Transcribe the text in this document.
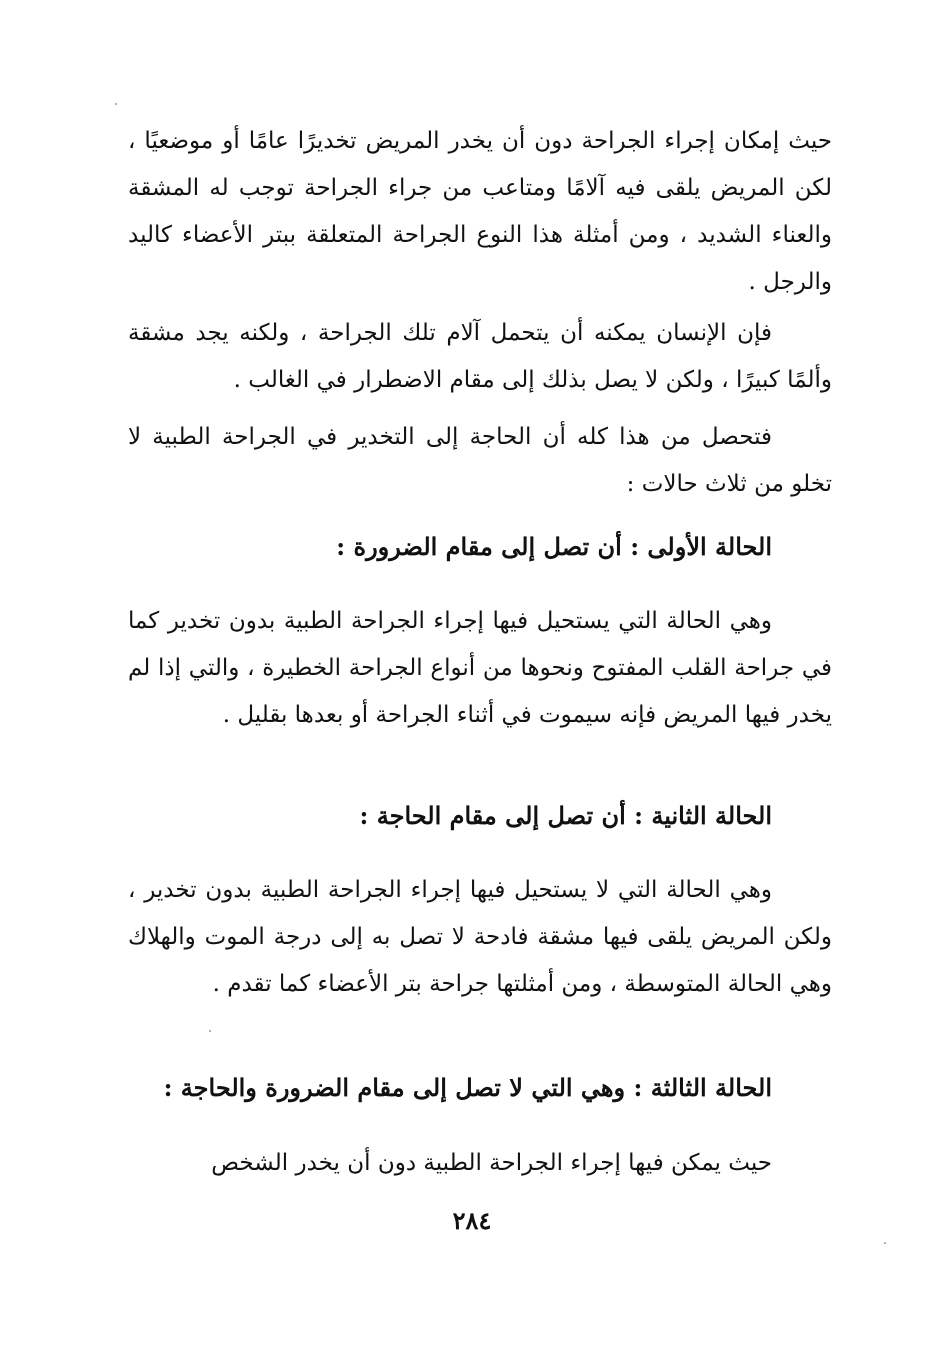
حيث إمكان إجراء الجراحة دون أن يخدر المريض تخديرًا عامًا أو موضعيًا ، لكن المريض يلقى فيه آلامًا ومتاعب من جراء الجراحة توجب له المشقة والعناء الشديد ، ومن أمثلة هذا النوع الجراحة المتعلقة ببتر الأعضاء كاليد والرجل .

فإن الإنسان يمكنه أن يتحمل آلام تلك الجراحة ، ولكنه يجد مشقة وألمًا كبيرًا ، ولكن لا يصل بذلك إلى مقام الاضطرار في الغالب .

فتحصل من هذا كله أن الحاجة إلى التخدير في الجراحة الطبية لا تخلو من ثلاث حالات :

الحالة الأولى : أن تصل إلى مقام الضرورة :

وهي الحالة التي يستحيل فيها إجراء الجراحة الطبية بدون تخدير كما في جراحة القلب المفتوح ونحوها من أنواع الجراحة الخطيرة ، والتي إذا لم يخدر فيها المريض فإنه سيموت في أثناء الجراحة أو بعدها بقليل .

الحالة الثانية : أن تصل إلى مقام الحاجة :

وهي الحالة التي لا يستحيل فيها إجراء الجراحة الطبية بدون تخدير ، ولكن المريض يلقى فيها مشقة فادحة لا تصل به إلى درجة الموت والهلاك وهي الحالة المتوسطة ، ومن أمثلتها جراحة بتر الأعضاء كما تقدم .

الحالة الثالثة : وهي التي لا تصل إلى مقام الضرورة والحاجة :

حيث يمكن فيها إجراء الجراحة الطبية دون أن يخدر الشخص

٢٨٤
